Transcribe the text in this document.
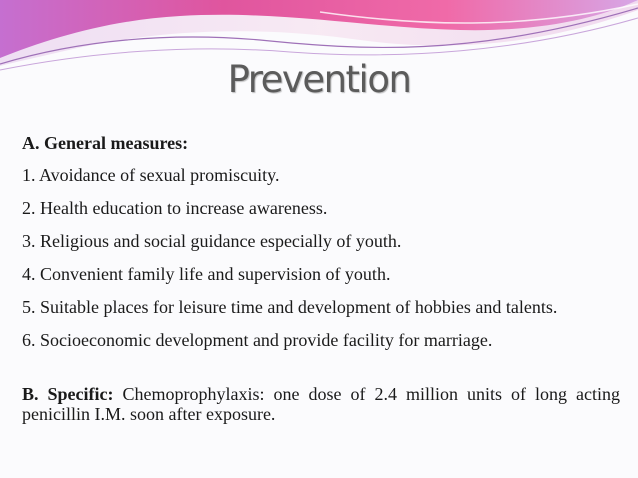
Prevention
A. General measures:
1. Avoidance of sexual promiscuity.
2. Health education to increase awareness.
3. Religious and social guidance especially of youth.
4. Convenient family life and supervision of youth.
5. Suitable places for leisure time and development of hobbies and talents.
6. Socioeconomic development and provide facility for marriage.
B. Specific: Chemoprophylaxis: one dose of 2.4 million units of long acting penicillin I.M. soon after exposure.
